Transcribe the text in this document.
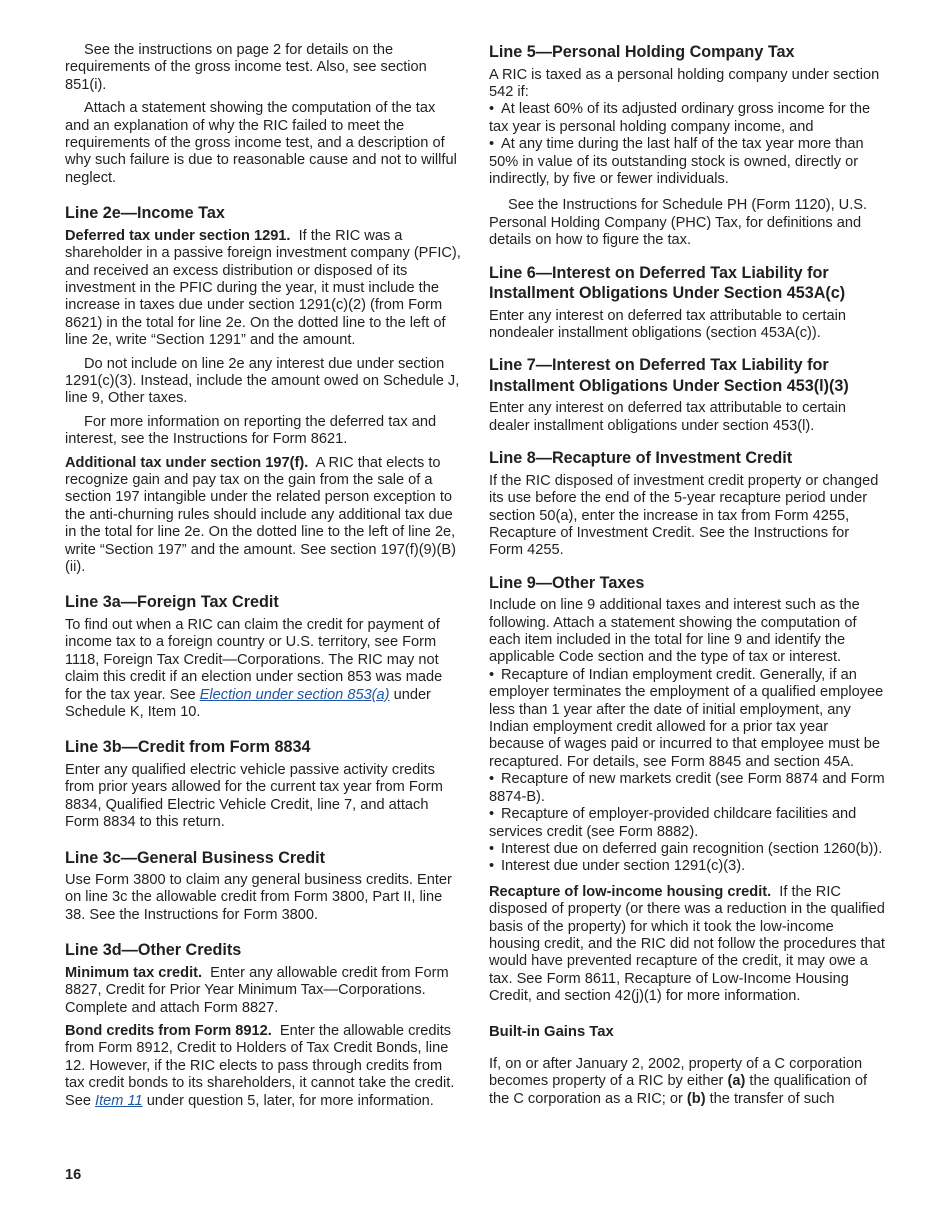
See the instructions on page 2 for details on the requirements of the gross income test. Also, see section 851(i).

Attach a statement showing the computation of the tax and an explanation of why the RIC failed to meet the requirements of the gross income test, and a description of why such failure is due to reasonable cause and not to willful neglect.

Line 2e—Income Tax

Deferred tax under section 1291. If the RIC was a shareholder in a passive foreign investment company (PFIC), and received an excess distribution or disposed of its investment in the PFIC during the year, it must include the increase in taxes due under section 1291(c)(2) (from Form 8621) in the total for line 2e. On the dotted line to the left of line 2e, write “Section 1291” and the amount.

Do not include on line 2e any interest due under section 1291(c)(3). Instead, include the amount owed on Schedule J, line 9, Other taxes.

For more information on reporting the deferred tax and interest, see the Instructions for Form 8621.

Additional tax under section 197(f). A RIC that elects to recognize gain and pay tax on the gain from the sale of a section 197 intangible under the related person exception to the anti-churning rules should include any additional tax due in the total for line 2e. On the dotted line to the left of line 2e, write “Section 197” and the amount. See section 197(f)(9)(B)(ii).

Line 3a—Foreign Tax Credit

To find out when a RIC can claim the credit for payment of income tax to a foreign country or U.S. territory, see Form 1118, Foreign Tax Credit—Corporations. The RIC may not claim this credit if an election under section 853 was made for the tax year. See Election under section 853(a) under Schedule K, Item 10.

Line 3b—Credit from Form 8834

Enter any qualified electric vehicle passive activity credits from prior years allowed for the current tax year from Form 8834, Qualified Electric Vehicle Credit, line 7, and attach Form 8834 to this return.

Line 3c—General Business Credit

Use Form 3800 to claim any general business credits. Enter on line 3c the allowable credit from Form 3800, Part II, line 38. See the Instructions for Form 3800.

Line 3d—Other Credits

Minimum tax credit. Enter any allowable credit from Form 8827, Credit for Prior Year Minimum Tax—Corporations. Complete and attach Form 8827.

Bond credits from Form 8912. Enter the allowable credits from Form 8912, Credit to Holders of Tax Credit Bonds, line 12. However, if the RIC elects to pass through credits from tax credit bonds to its shareholders, it cannot take the credit. See Item 11 under question 5, later, for more information.

Line 5—Personal Holding Company Tax

A RIC is taxed as a personal holding company under section 542 if:

• At least 60% of its adjusted ordinary gross income for the tax year is personal holding company income, and

• At any time during the last half of the tax year more than 50% in value of its outstanding stock is owned, directly or indirectly, by five or fewer individuals.

See the Instructions for Schedule PH (Form 1120), U.S. Personal Holding Company (PHC) Tax, for definitions and details on how to figure the tax.

Line 6—Interest on Deferred Tax Liability for Installment Obligations Under Section 453A(c)

Enter any interest on deferred tax attributable to certain nondealer installment obligations (section 453A(c)).

Line 7—Interest on Deferred Tax Liability for Installment Obligations Under Section 453(l)(3)

Enter any interest on deferred tax attributable to certain dealer installment obligations under section 453(l).

Line 8—Recapture of Investment Credit

If the RIC disposed of investment credit property or changed its use before the end of the 5-year recapture period under section 50(a), enter the increase in tax from Form 4255, Recapture of Investment Credit. See the Instructions for Form 4255.

Line 9—Other Taxes

Include on line 9 additional taxes and interest such as the following. Attach a statement showing the computation of each item included in the total for line 9 and identify the applicable Code section and the type of tax or interest.

• Recapture of Indian employment credit. Generally, if an employer terminates the employment of a qualified employee less than 1 year after the date of initial employment, any Indian employment credit allowed for a prior tax year because of wages paid or incurred to that employee must be recaptured. For details, see Form 8845 and section 45A.

• Recapture of new markets credit (see Form 8874 and Form 8874-B).

• Recapture of employer-provided childcare facilities and services credit (see Form 8882).

• Interest due on deferred gain recognition (section 1260(b)).

• Interest due under section 1291(c)(3).

Recapture of low-income housing credit. If the RIC disposed of property (or there was a reduction in the qualified basis of the property) for which it took the low-income housing credit, and the RIC did not follow the procedures that would have prevented recapture of the credit, it may owe a tax. See Form 8611, Recapture of Low-Income Housing Credit, and section 42(j)(1) for more information.

Built-in Gains Tax

If, on or after January 2, 2002, property of a C corporation becomes property of a RIC by either (a) the qualification of the C corporation as a RIC; or (b) the transfer of such

16
